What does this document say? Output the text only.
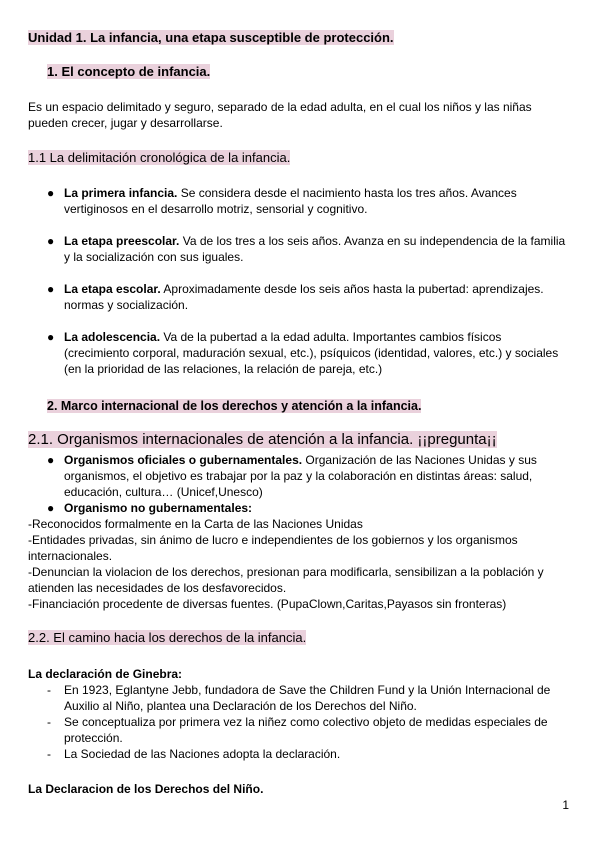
Unidad 1. La infancia, una etapa susceptible de protección.
1. El concepto de infancia.
Es un espacio delimitado y seguro, separado de la edad adulta, en el cual los niños y las niñas
pueden crecer, jugar y desarrollarse.
1.1 La delimitación cronológica de la infancia.
● La primera infancia. Se considera desde el nacimiento hasta los tres años. Avances
vertiginosos en el desarrollo motriz, sensorial y cognitivo.
● La etapa preescolar. Va de los tres a los seis años. Avanza en su independencia de la familia
y la socialización con sus iguales.
● La etapa escolar. Aproximadamente desde los seis años hasta la pubertad: aprendizajes.
normas y socialización.
● La adolescencia. Va de la pubertad a la edad adulta. Importantes cambios físicos
(crecimiento corporal, maduración sexual, etc.), psíquicos (identidad, valores, etc.) y sociales
(en la prioridad de las relaciones, la relación de pareja, etc.)
2. Marco internacional de los derechos y atención a la infancia.
2.1. Organismos internacionales de atención a la infancia. ¡¡pregunta¡¡
● Organismos oficiales o gubernamentales. Organización de las Naciones Unidas y sus
organismos, el objetivo es trabajar por la paz y la colaboración en distintas áreas: salud,
educación, cultura… (Unicef,Unesco)
● Organismo no gubernamentales:
-Reconocidos formalmente en la Carta de las Naciones Unidas
-Entidades privadas, sin ánimo de lucro e independientes de los gobiernos y los organismos
internacionales.
-Denuncian la violacion de los derechos, presionan para modificarla, sensibilizan a la población y
atienden las necesidades de los desfavorecidos.
-Financiación procedente de diversas fuentes. (PupaClown,Caritas,Payasos sin fronteras)
2.2. El camino hacia los derechos de la infancia.
La declaración de Ginebra:
- En 1923, Eglantyne Jebb, fundadora de Save the Children Fund y la Unión Internacional de
Auxilio al Niño, plantea una Declaración de los Derechos del Niño.
- Se conceptualiza por primera vez la niñez como colectivo objeto de medidas especiales de
protección.
- La Sociedad de las Naciones adopta la declaración.
La Declaracion de los Derechos del Niño.
1
